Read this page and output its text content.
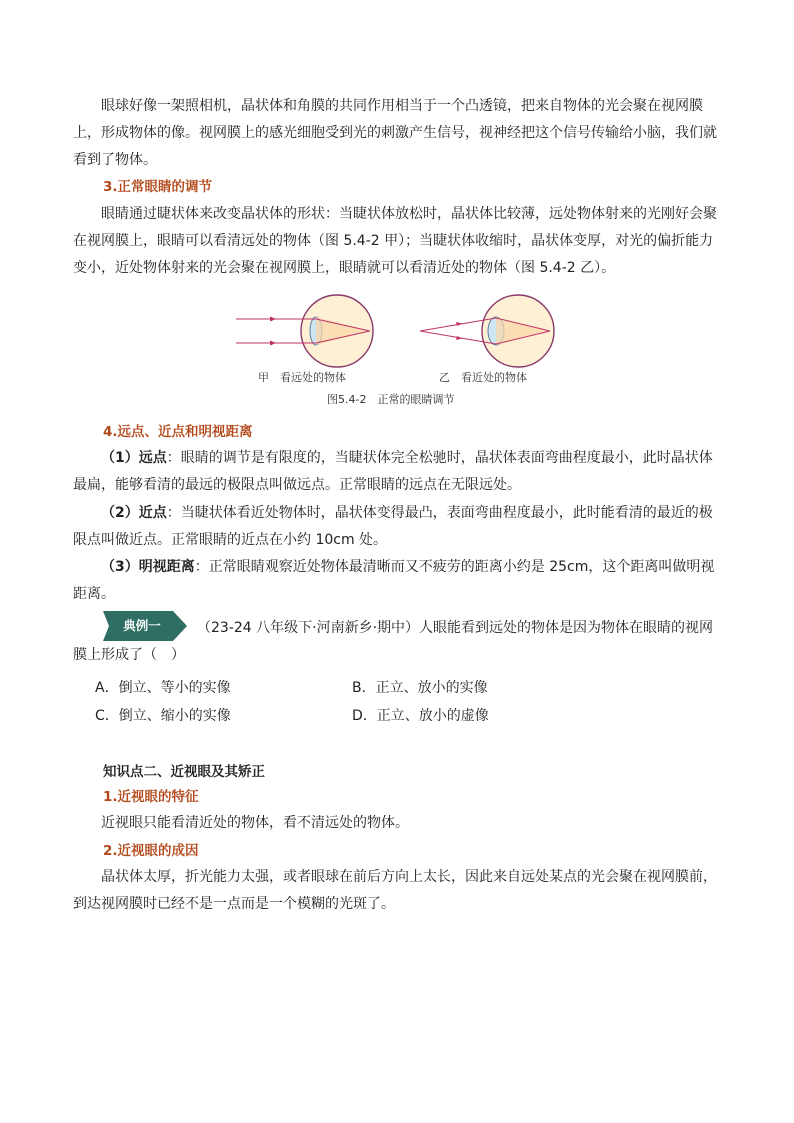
眼球好像一架照相机，晶状体和角膜的共同作用相当于一个凸透镜，把来自物体的光会聚在视网膜上，形成物体的像。视网膜上的感光细胞受到光的刺激产生信号，视神经把这个信号传输给小脑，我们就看到了物体。

3.正常眼睛的调节

眼睛通过睫状体来改变晶状体的形状：当睫状体放松时，晶状体比较薄，远处物体射来的光刚好会聚在视网膜上，眼睛可以看清远处的物体（图 5.4-2 甲）；当睫状体收缩时，晶状体变厚，对光的偏折能力变小，近处物体射来的光会聚在视网膜上，眼睛就可以看清近处的物体（图 5.4-2 乙）。

甲　看远处的物体	乙　看近处的物体
图5.4-2　正常的眼睛调节

4.远点、近点和明视距离

（1）远点：眼睛的调节是有限度的，当睫状体完全松驰时，晶状体表面弯曲程度最小，此时晶状体最扁，能够看清的最远的极限点叫做远点。正常眼睛的远点在无限远处。

（2）近点：当睫状体看近处物体时，晶状体变得最凸，表面弯曲程度最小，此时能看清的最近的极限点叫做近点。正常眼睛的近点在小约 10cm 处。

（3）明视距离：正常眼睛观察近处物体最清晰而又不疲劳的距离小约是 25cm，这个距离叫做明视距离。

典例一	（23-24 八年级下·河南新乡·期中）人眼能看到远处的物体是因为物体在眼睛的视网膜上形成了（　）

A．倒立、等小的实像	B．正立、放小的实像

C．倒立、缩小的实像	D．正立、放小的虚像

知识点二、近视眼及其矫正

1.近视眼的特征

近视眼只能看清近处的物体，看不清远处的物体。

2.近视眼的成因

晶状体太厚，折光能力太强，或者眼球在前后方向上太长，因此来自远处某点的光会聚在视网膜前，到达视网膜时已经不是一点而是一个模糊的光斑了。
